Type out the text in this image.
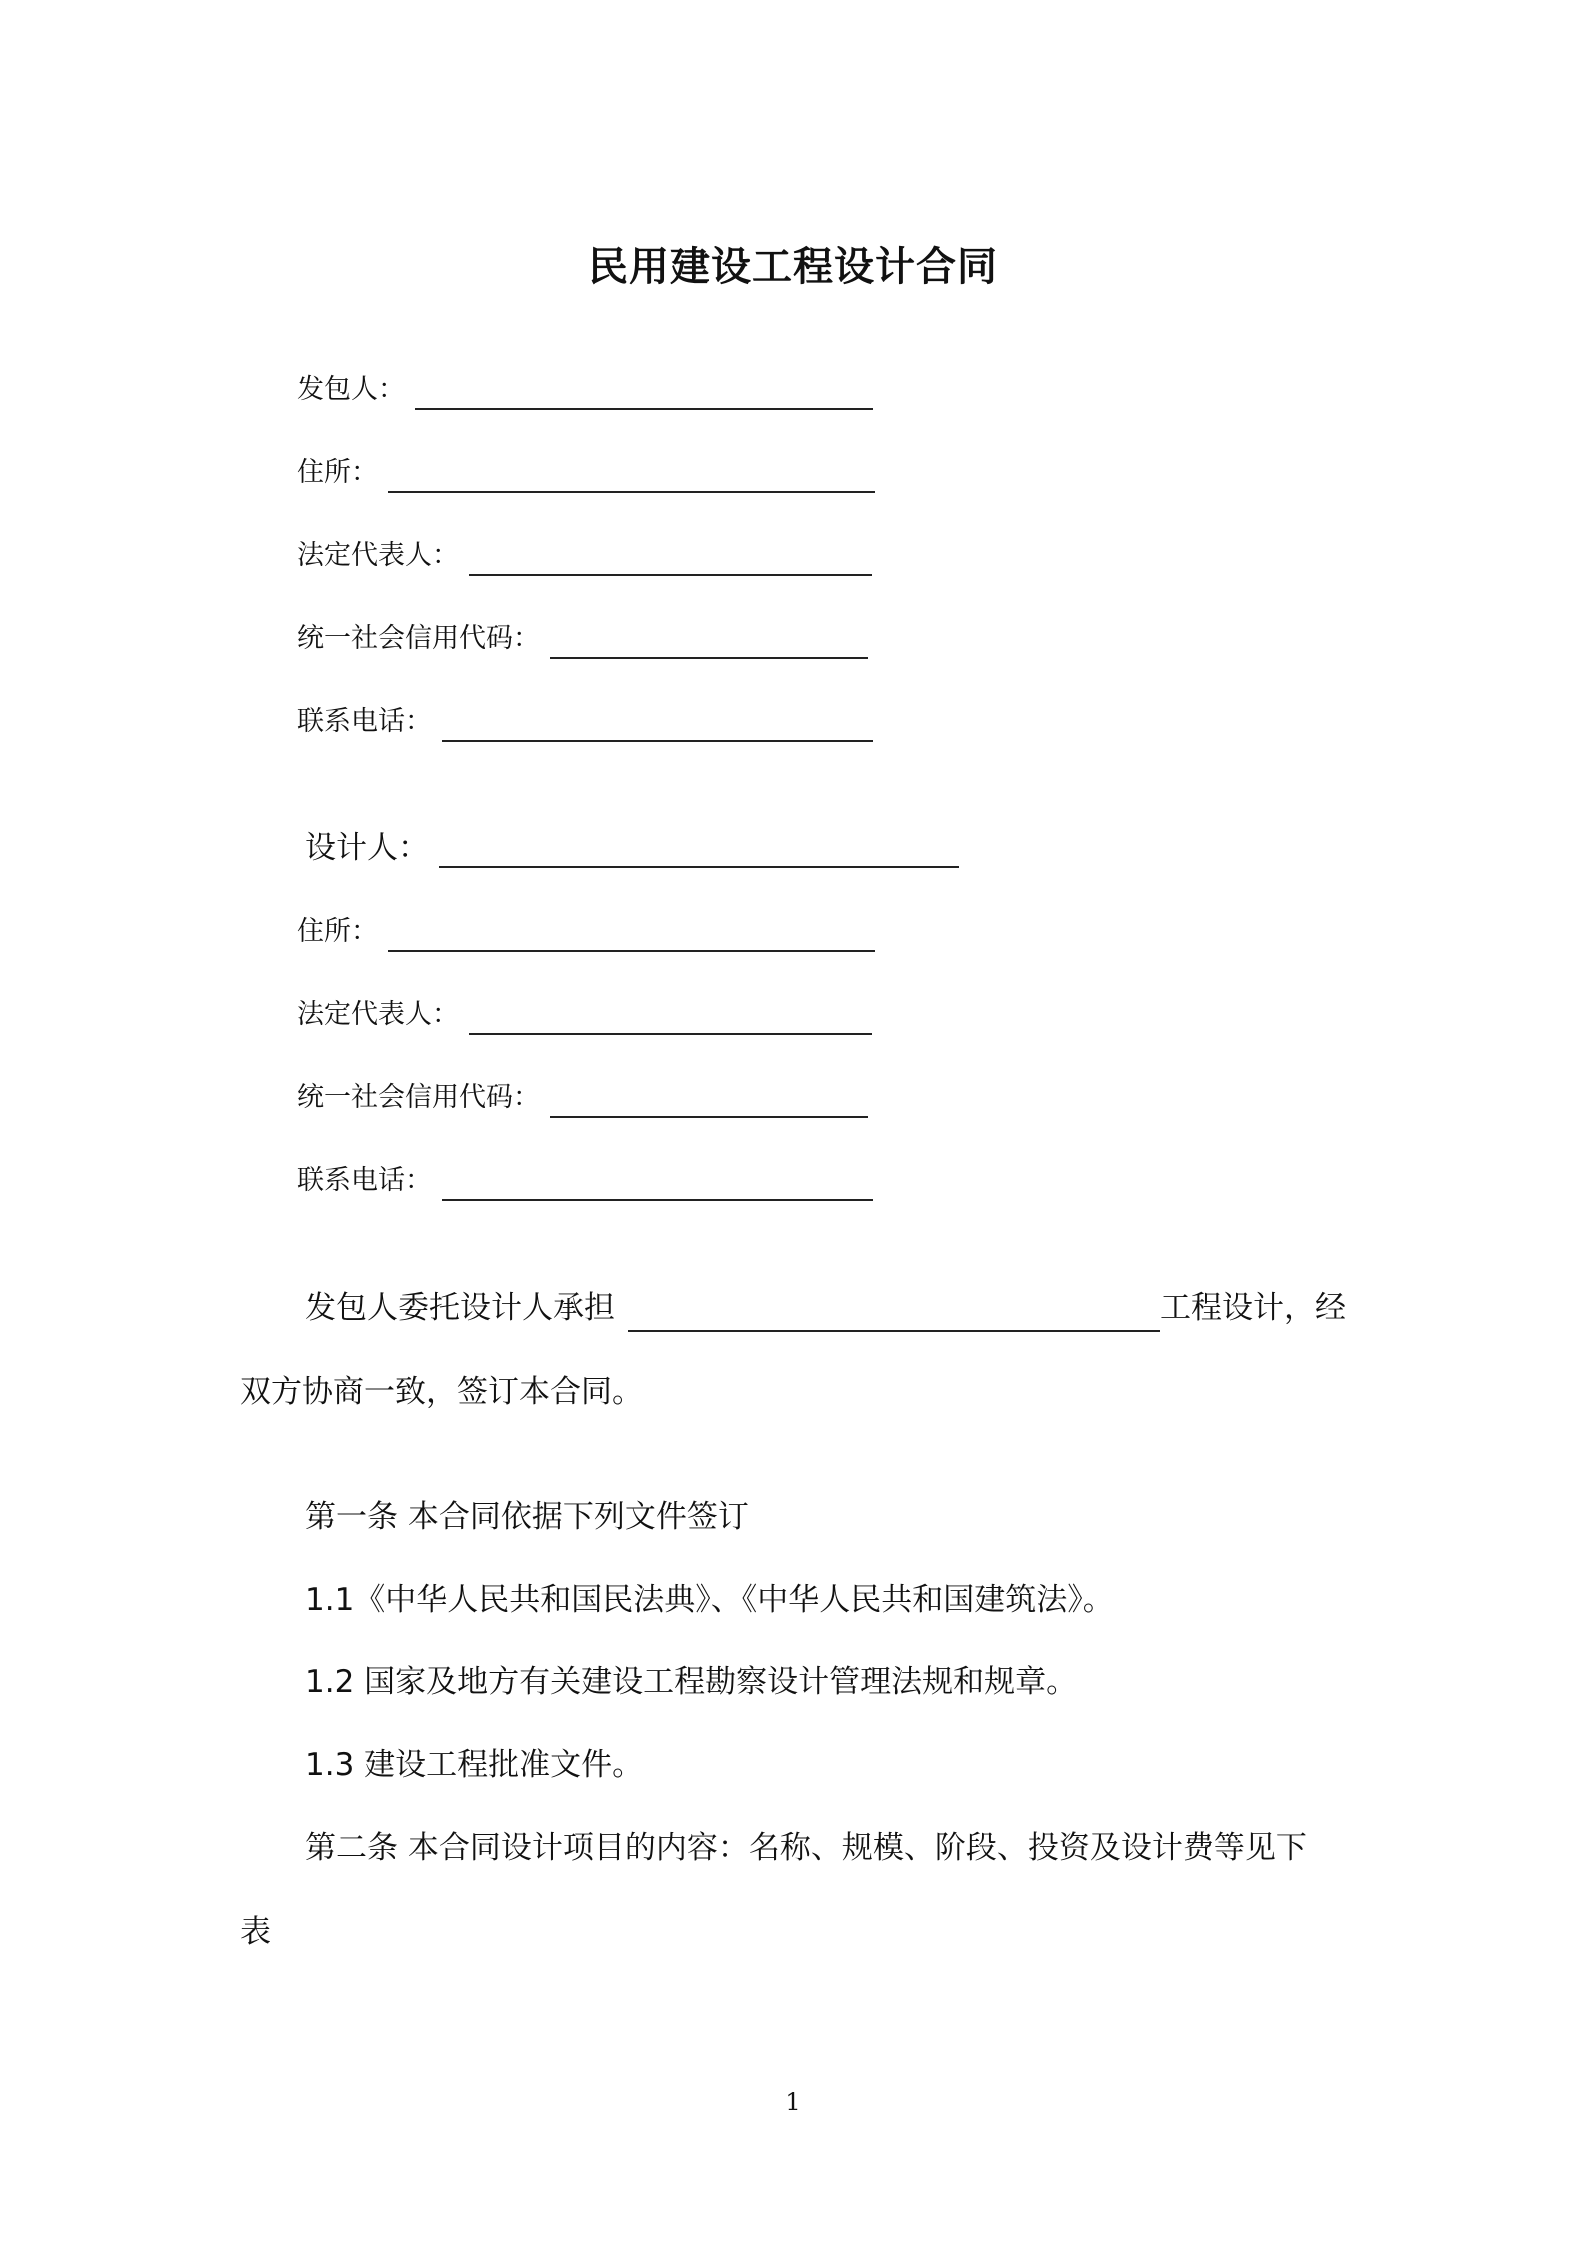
民用建设工程设计合同
发包人：
住所：
法定代表人：
统一社会信用代码：
联系电话：
设计人：
住所：
法定代表人：
统一社会信用代码：
联系电话：
发包人委托设计人承担	工程设计，经
双方协商一致，签订本合同。
第一条 本合同依据下列文件签订
1.1《中华人民共和国民法典》、《中华人民共和国建筑法》。
1.2 国家及地方有关建设工程勘察设计管理法规和规章。
1.3 建设工程批准文件。
第二条 本合同设计项目的内容：名称、规模、阶段、投资及设计费等见下
表
1
